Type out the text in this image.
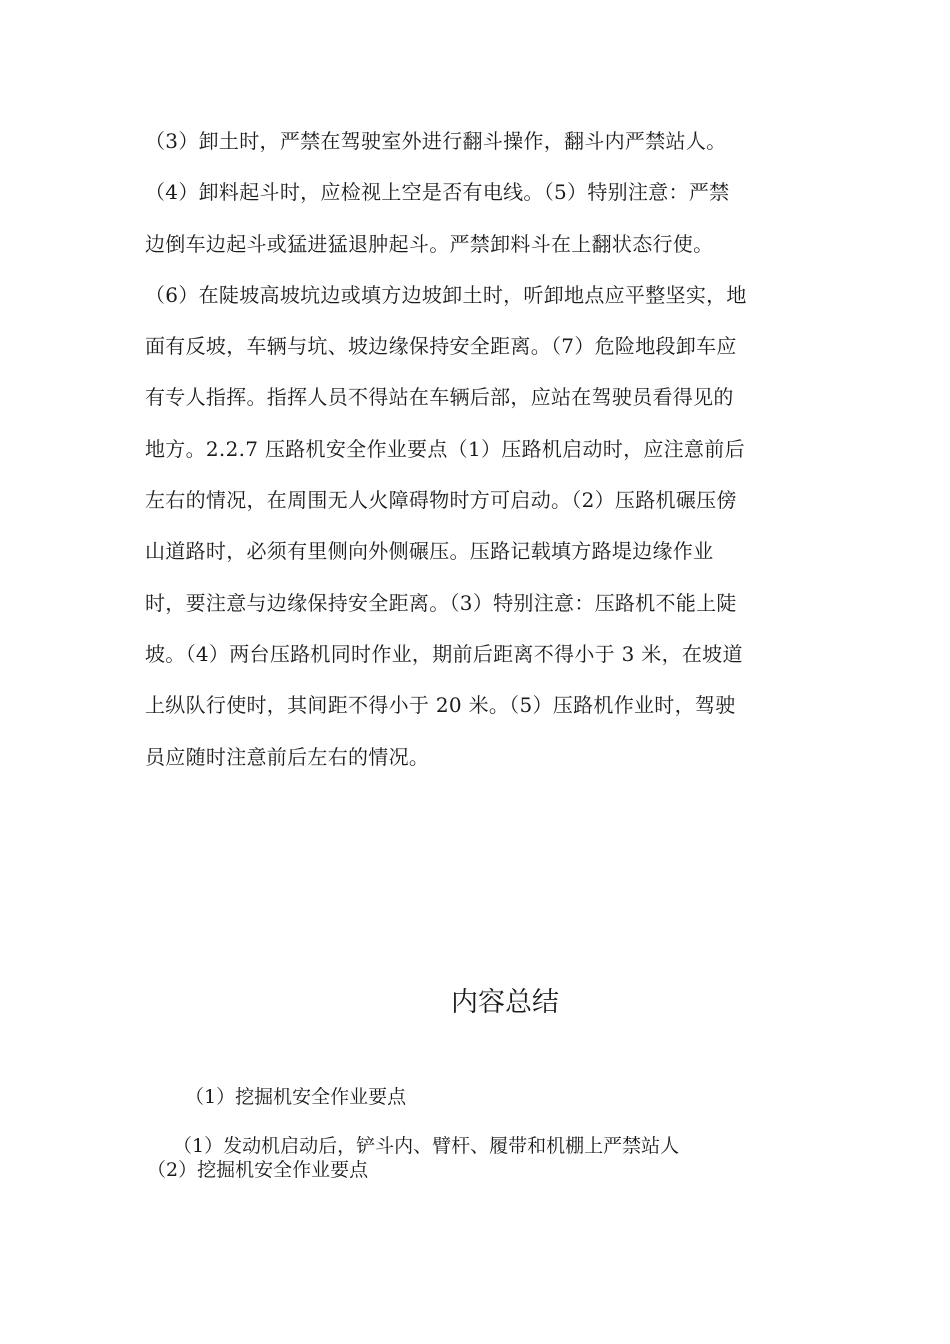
（3）卸土时，严禁在驾驶室外进行翻斗操作，翻斗内严禁站人。
（4）卸料起斗时，应检视上空是否有电线。（5）特别注意：严禁
边倒车边起斗或猛进猛退肿起斗。严禁卸料斗在上翻状态行使。
（6）在陡坡高坡坑边或填方边坡卸土时，听卸地点应平整坚实，地
面有反坡，车辆与坑、坡边缘保持安全距离。（7）危险地段卸车应
有专人指挥。指挥人员不得站在车辆后部，应站在驾驶员看得见的
地方。2.2.7 压路机安全作业要点（1）压路机启动时，应注意前后
左右的情况，在周围无人火障碍物时方可启动。（2）压路机碾压傍
山道路时，必须有里侧向外侧碾压。压路记载填方路堤边缘作业
时，要注意与边缘保持安全距离。（3）特别注意：压路机不能上陡
坡。（4）两台压路机同时作业，期前后距离不得小于 3 米，在坡道
上纵队行使时，其间距不得小于 20 米。（5）压路机作业时，驾驶
员应随时注意前后左右的情况。
内容总结
（1）挖掘机安全作业要点
（1）发动机启动后，铲斗内、臂杆、履带和机棚上严禁站人
（2）挖掘机安全作业要点
